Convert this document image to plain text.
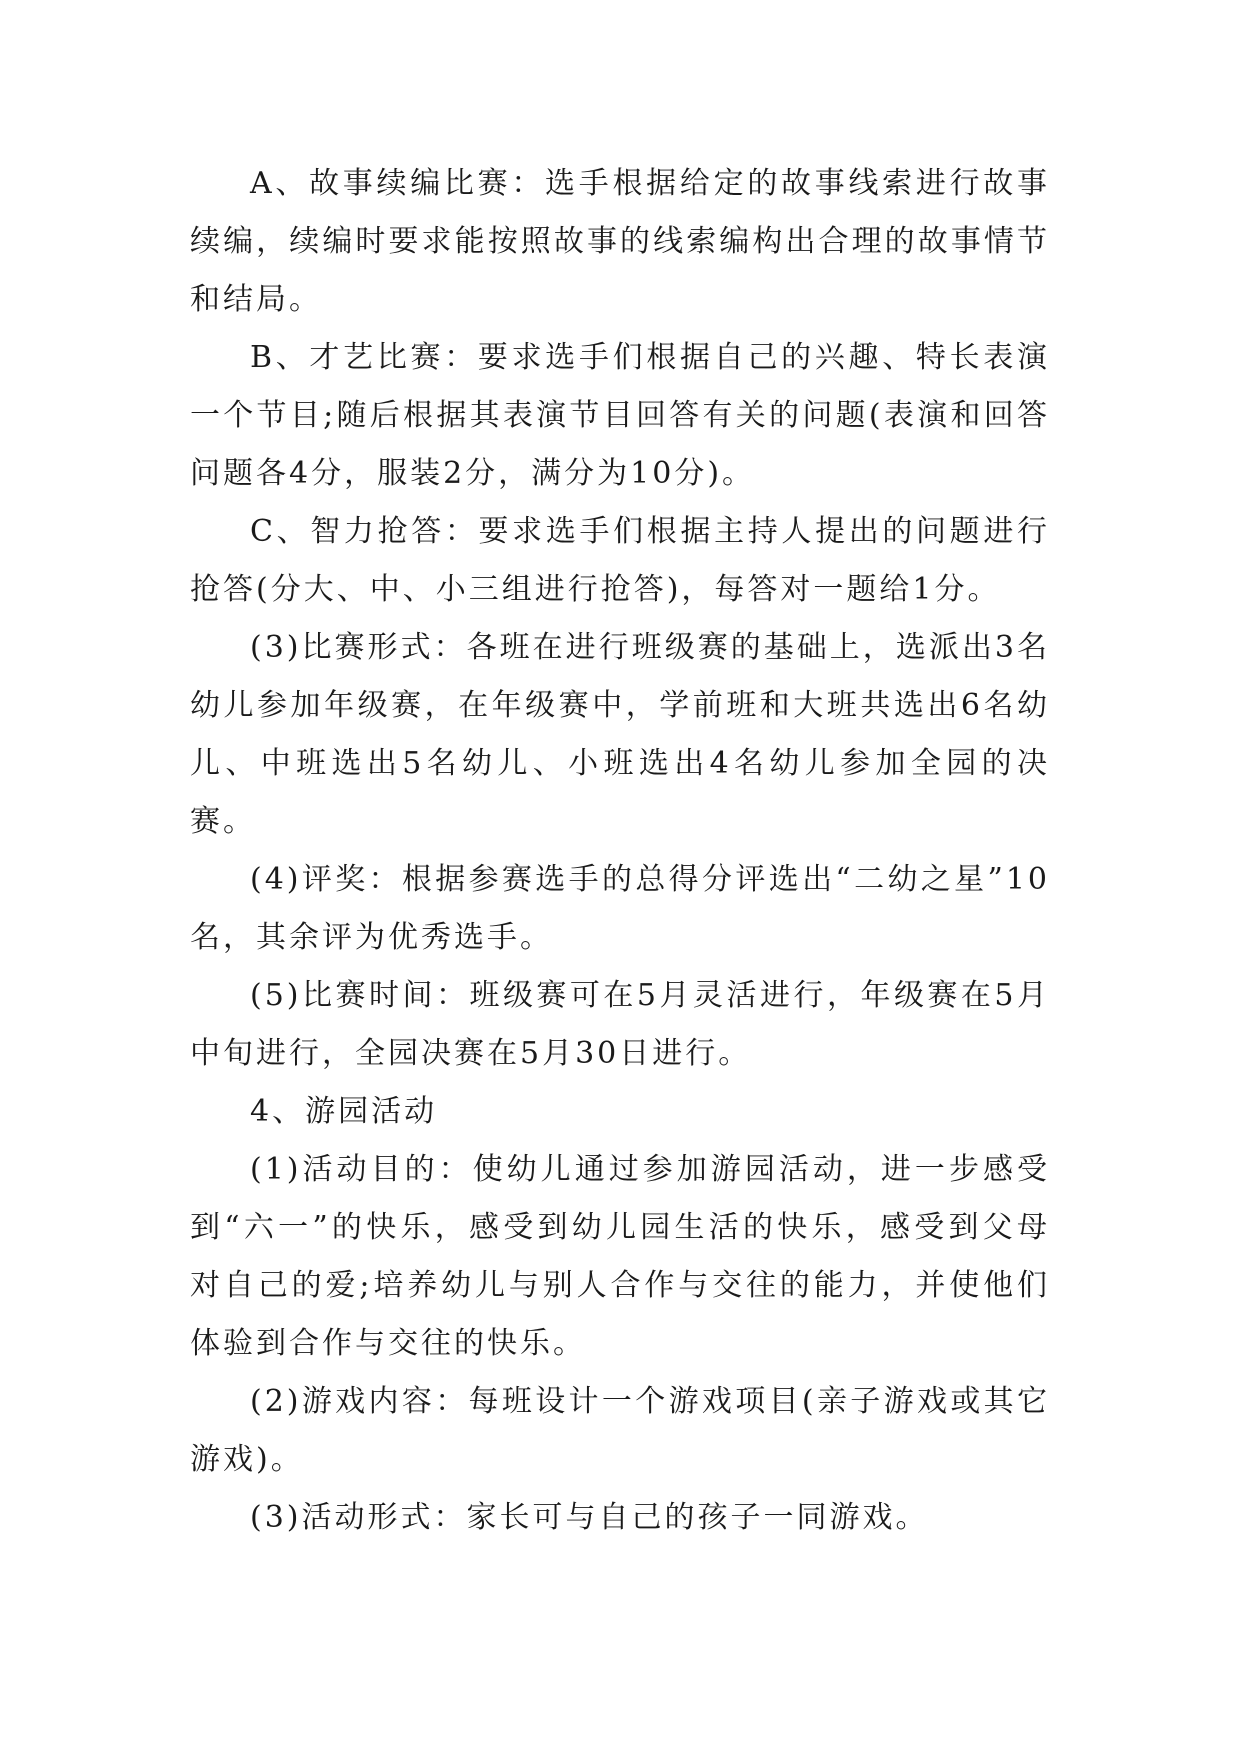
A、故事续编比赛：选手根据给定的故事线索进行故事续编，续编时要求能按照故事的线索编构出合理的故事情节和结局。

B、才艺比赛：要求选手们根据自己的兴趣、特长表演一个节目;随后根据其表演节目回答有关的问题(表演和回答问题各4分，服装2分，满分为10分)。

C、智力抢答：要求选手们根据主持人提出的问题进行抢答(分大、中、小三组进行抢答)，每答对一题给1分。

(3)比赛形式：各班在进行班级赛的基础上，选派出3名幼儿参加年级赛，在年级赛中，学前班和大班共选出6名幼儿、中班选出5名幼儿、小班选出4名幼儿参加全园的决赛。

(4)评奖：根据参赛选手的总得分评选出“二幼之星”10名，其余评为优秀选手。

(5)比赛时间：班级赛可在5月灵活进行，年级赛在5月中旬进行，全园决赛在5月30日进行。

4、游园活动

(1)活动目的：使幼儿通过参加游园活动，进一步感受到“六一”的快乐，感受到幼儿园生活的快乐，感受到父母对自己的爱;培养幼儿与别人合作与交往的能力，并使他们体验到合作与交往的快乐。

(2)游戏内容：每班设计一个游戏项目(亲子游戏或其它游戏)。

(3)活动形式：家长可与自己的孩子一同游戏。
